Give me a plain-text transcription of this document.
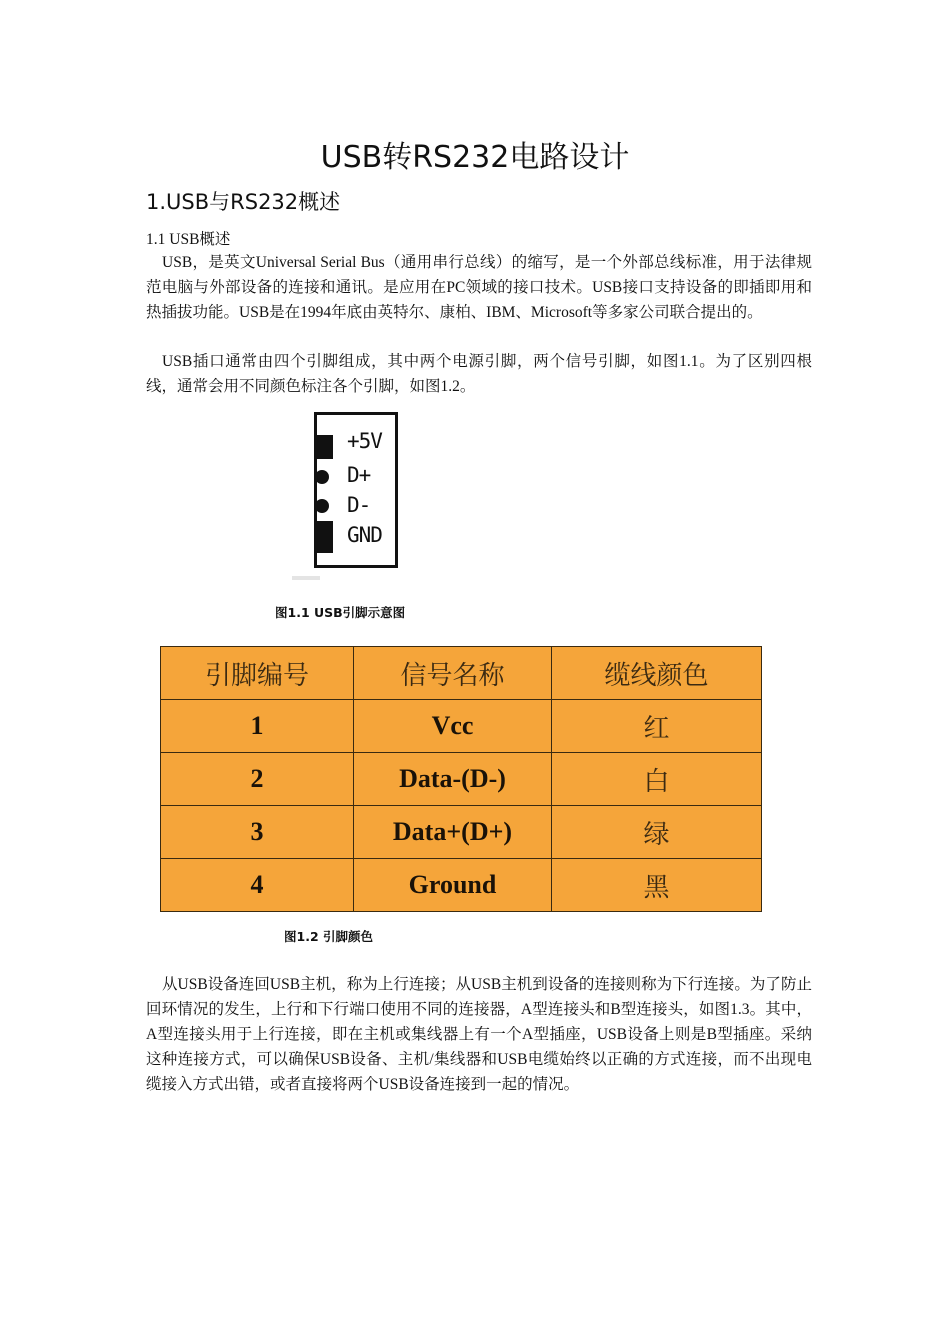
USB转RS232电路设计
1.USB与RS232概述
1.1 USB概述

USB，是英文Universal Serial Bus（通用串行总线）的缩写，是一个外部总线标准，用于法律规范电脑与外部设备的连接和通讯。是应用在PC领域的接口技术。USB接口支持设备的即插即用和热插拔功能。USB是在1994年底由英特尔、康柏、IBM、Microsoft等多家公司联合提出的。

USB插口通常由四个引脚组成，其中两个电源引脚，两个信号引脚，如图1.1。为了区别四根线，通常会用不同颜色标注各个引脚，如图1.2。

+5V
D+
D-
GND
图1.1 USB引脚示意图
引脚编号	信号名称	缆线颜色
1	Vcc	红
2	Data-(D-)	白
3	Data+(D+)	绿
4	Ground	黑
图1.2 引脚颜色

从USB设备连回USB主机，称为上行连接；从USB主机到设备的连接则称为下行连接。为了防止回环情况的发生，上行和下行端口使用不同的连接器，A型连接头和B型连接头，如图1.3。其中，A型连接头用于上行连接，即在主机或集线器上有一个A型插座，USB设备上则是B型插座。采纳这种连接方式，可以确保USB设备、主机/集线器和USB电缆始终以正确的方式连接，而不出现电缆接入方式出错，或者直接将两个USB设备连接到一起的情况。
